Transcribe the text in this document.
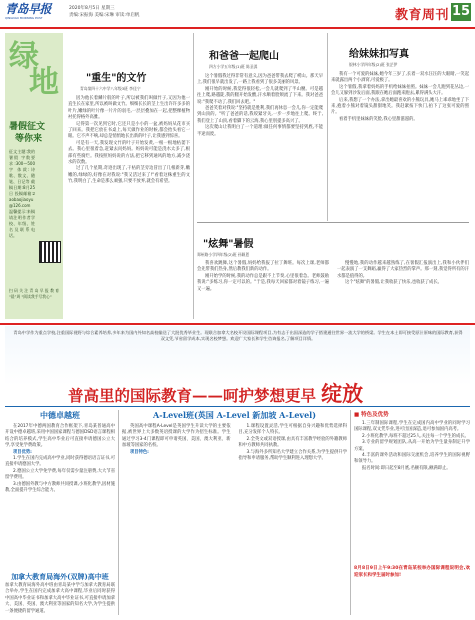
青岛早报
QINGDAO MORNING POST
2020年8月5日 星期三
责编:宋振海 美编:宋琳 审读:单启帆	教育周刊 15
绿
地
暑假征文
等你来
征文主题:我的暑假 字数要求:300—500字 体裁:诗歌、散文、随笔、日记等 截稿日期:8月25日 投稿邮箱:zaobaojiaoyu@126.com 温馨提示:来稿请注明作者学校、年级、姓名及联系电话。
扫码关注青岛早报教育 "晨”周 "阅读我手写我心"
"重生"的文竹
青岛第四十六中学八年级3班 李佳宁

因为他长着鳞片般的叶子,所以被我们叫做竹子,又因为他一直生长在家里,所以被叫做文竹。细细长长的茎上生出许许多多的叶片,嫩绿的叶片像一片片的羽毛,一层层叠加在一起,把整棵植物衬托得格外高雅。

记得第一次见到它时,它还只是小小的一盆,被妈妈从花市买了回来。我把它放在书桌上,每天做作业的时候,都会抬头看它一眼。它不声不响,却总是悄悄地长出新的叶子,让我感到惊喜。

可是有一天,我发现文竹的叶子开始发黄,一根一根地枯萎下去。我心里很着急,赶紧去问妈妈。妈妈说可能是浇水太多了,根部有些腐烂。我按照妈妈说的方法,把它移到通风的地方,减少浇水的次数。

过了几个星期,奇迹出现了,干枯的茎旁边冒出了几根新芽,嫩嫩的,绿绿的,好像在对我说:"我又活过来了!"看着这株重生的文竹,我明白了,生命是那么顽强,只要不放弃,就会有希望。

和爸爸一起爬山
四方小学五年级(1)班 陈圣淇

这个暑假我过得非常有意义,因为爸爸带我去爬了崂山。那天早上,我们很早就出发了,一路上我看到了很多美丽的风景。

刚开始的时候,我觉得很轻松,一会儿就爬到了半山腰。可是越往上爬,路越陡,我的腿开始发酸,汗水顺着脸颊流了下来。我对爸爸说:"我爬不动了,我们回去吧。"

爸爸笑着对我说:"坚持就是胜利,我们再休息一会儿,你一定能爬到山顶的。"听了爸爸的话,我咬紧牙关,一步一步地往上爬。终于,我们登上了山顶,看着脚下的云海,我心里别提多高兴了。

这次爬山让我明白了一个道理:做任何事情都要坚持到底,不能半途而废。

给妹妹扣写真
银林小学四年级(2)班 张芷伊

我有一个可爱的妹妹,她今年三岁了,长着一双水汪汪的大眼睛,一笑起来就露出两个小酒窝,可爱极了。

这个暑假,我拿着妈妈的手机给妹妹拍照。妹妹一会儿跑到花丛边,一会儿又躲到沙发后面,我跟在她后面跑来跑去,累得满头大汗。

后来,我想了一个办法,拿出她最喜欢的小熊玩具,她马上乖乖地坐了下来,抱着小熊对着镜头甜甜地笑。我赶紧按下快门,拍下了这张可爱的照片。

看着手机里妹妹的笑脸,我心里甜滋滋的。

"炫舞"暑假
郑州路小学四年级(2)班 孙颖恩

我喜欢跳舞,这个暑假,妈妈给我报了拉丁舞班。每次上课,老师都会先带我们热身,然后教我们新的动作。

刚开始学的时候,我的动作总是跟不上节奏,心里很着急。老师鼓励我说:"多练习,你一定可以的。"于是,我每天回家都对着镜子练习,一遍又一遍。

慢慢地,我的动作越来越熟练了,在暑假汇报演出上,我和小伙伴们一起表演了一支舞蹈,赢得了大家热烈的掌声。那一刻,我觉得所有的汗水都是值得的。

这个"炫舞"的暑假,让我收获了快乐,也收获了成长。

青岛中学作为重点学校,注重国际视野与综合素养培养,多年来为国内外知名高校输送了大批优秀毕业生。现联合加拿大名校开设国际课程项目,为有志于出国深造的学子搭建通往世界一流大学的桥梁。学生在本土即可接受原汁原味的国际教育,获得双文凭,节省留学成本,实现名校梦想。欢迎广大家长和学生咨询报名,了解项目详情。
普高里的国际教育——呵护梦想更早 绽放
中德卓越班

在2017年中德两国教育合作框架下,青岛某普通高中开设中德卓越班,采用中国国家课程与德国DSD语言课程相结合的培养模式,学生高中毕业后可直接申请德国公立大学,享受免学费政策。

项目优势:

1.学生在国内完成高中学业,同时获得德语语言证书,可直接申请德国大学。

2.德国公立大学免学费,每年仅需少量注册费,大大节省留学费用。

3.由德国外教与中方教师共同授课,小班化教学,因材施教,全面提升学生综合能力。

A-Level班(英国 A-Level 新加坡 A-Level)

英国高中课程A-Level是英国学生升读大学的主要依据,被世界上大多数英语授课的大学作为招生标准。学生通过学习3-4门课程即可申请英国、美国、澳大利亚、新加坡等国家的名校。

项目特色:

1.课程设置灵活,学生可根据自身兴趣和优势选择科目,充分发挥个人特长。

2.全英文或双语授课,由具有丰富教学经验的外籍教师和中方教师共同执教。

3.与海外多所知名大学建立合作关系,为学生提供升学指导和申请服务,帮助学生顺利进入理想大学。

■ 特色及优势

1.三年制国际课程,学生在完成国内高中学业的同时学习国际课程,双文凭毕业,进可出国深造,退可参加国内高考。

2.小班化教学,每班不超过25人,关注每一个学生的成长。

3.专业的留学规划团队,从高一开始为学生量身制定升学方案。

4.丰富的课外活动和国际交流机会,培养学生的国际视野和领导力。

报名时间:即日起至8月底,名额有限,额满即止。

8月8日9日上午9:30在青岛某校举办国际课程说明会,欢迎家长和学生届时参加!
加拿大教育局海外(双牌)高中班
加拿大教育局海外高中班由青岛某中学与加拿大教育局联合举办,学生在国内完成加拿大高中课程,毕业后同时获得中国高中毕业证书和加拿大高中毕业证书,可直接申请加拿大、美国、英国、澳大利亚等国家的知名大学,为学生提供一条便捷的留学通道。
